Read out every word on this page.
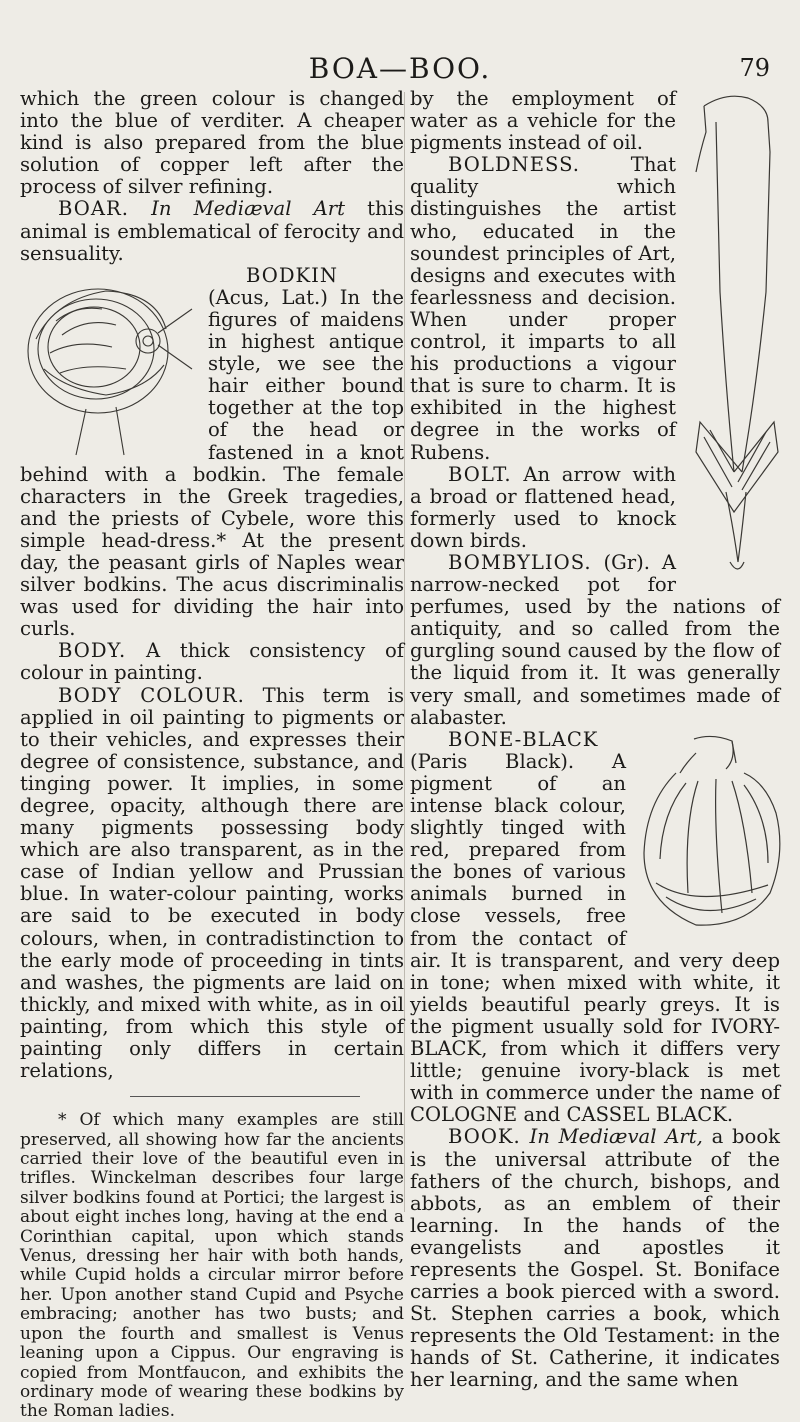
BOA—BOO.	79

which the green colour is changed into the blue of verditer. A cheaper kind is also prepared from the blue solution of copper left after the process of silver refining.

BOAR. In Mediæval Art this animal is emblematical of ferocity and sensuality.

BODKIN (Acus, Lat.) In the figures of maidens in highest antique style, we see the hair either bound together at the top of the head or fastened in a knot behind with a bodkin. The female characters in the Greek tragedies, and the priests of Cybele, wore this simple head-dress.* At the present day, the peasant girls of Naples wear silver bodkins. The acus discriminalis was used for dividing the hair into curls.

BODY. A thick consistency of colour in painting.

BODY COLOUR. This term is applied in oil painting to pigments or to their vehicles, and expresses their degree of consistence, substance, and tinging power. It implies, in some degree, opacity, although there are many pigments possessing body which are also transparent, as in the case of Indian yellow and Prussian blue. In water-colour painting, works are said to be executed in body colours, when, in contradistinction to the early mode of proceeding in tints and washes, the pigments are laid on thickly, and mixed with white, as in oil painting, from which this style of painting only differs in certain relations,

* Of which many examples are still preserved, all showing how far the ancients carried their love of the beautiful even in trifles. Winckelman describes four large silver bodkins found at Portici; the largest is about eight inches long, having at the end a Corinthian capital, upon which stands Venus, dressing her hair with both hands, while Cupid holds a circular mirror before her. Upon another stand Cupid and Psyche embracing; another has two busts; and upon the fourth and smallest is Venus leaning upon a Cippus. Our engraving is copied from Montfaucon, and exhibits the ordinary mode of wearing these bodkins by the Roman ladies.

by the employment of water as a vehicle for the pigments instead of oil.

BOLDNESS. That quality which distinguishes the artist who, educated in the soundest principles of Art, designs and executes with fearlessness and decision. When under proper control, it imparts to all his productions a vigour that is sure to charm. It is exhibited in the highest degree in the works of Rubens.

BOLT. An arrow with a broad or flattened head, formerly used to knock down birds.

BOMBYLIOS. (Gr). A narrow-necked pot for perfumes, used by the nations of antiquity, and so called from the gurgling sound caused by the flow of the liquid from it. It was generally very small, and sometimes made of alabaster.

BONE-BLACK (Paris Black). A pigment of an intense black colour, slightly tinged with red, prepared from the bones of various animals burned in close vessels, free from the contact of air. It is transparent, and very deep in tone; when mixed with white, it yields beautiful pearly greys. It is the pigment usually sold for IVORY-BLACK, from which it differs very little; genuine ivory-black is met with in commerce under the name of COLOGNE and CASSEL BLACK.

BOOK. In Mediæval Art, a book is the universal attribute of the fathers of the church, bishops, and abbots, as an emblem of their learning. In the hands of the evangelists and apostles it represents the Gospel. St. Boniface carries a book pierced with a sword. St. Stephen carries a book, which represents the Old Testament: in the hands of St. Catherine, it indicates her learning, and the same when
